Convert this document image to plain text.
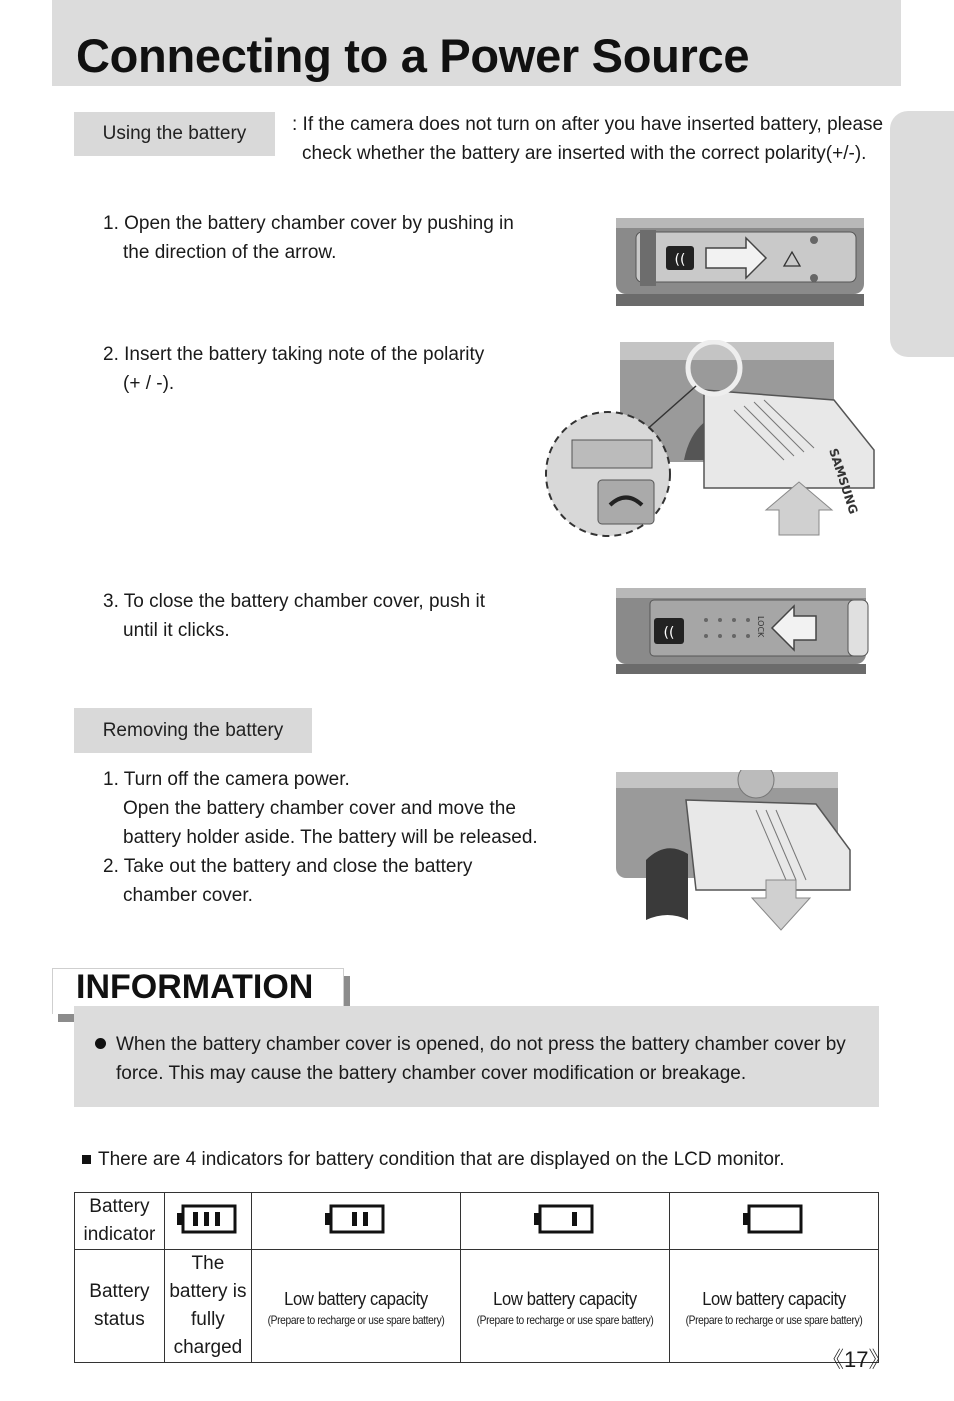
Connecting to a Power Source
Using the battery : If the camera does not turn on after you have inserted battery, please
check whether the battery are inserted with the correct polarity(+/-).
1. Open the battery chamber cover by pushing in
the direction of the arrow.	((
2. Insert the battery taking note of the polarity
(+ / -).
SAMSUNG
3. To close the battery chamber cover, push it
until it clicks.	((	LOCK
Removing the battery
1. Turn off the camera power.
Open the battery chamber cover and move the
battery holder aside. The battery will be released.
2. Take out the battery and close the battery
chamber cover.
INFORMATION
When the battery chamber cover is opened, do not press the battery chamber cover by
force. This may cause the battery chamber cover modification or breakage.
There are 4 indicators for battery condition that are displayed on the LCD monitor.
Battery indicator

Battery status	The battery is fully
charged	Low battery capacity
(Prepare to recharge or use spare battery)	Low battery capacity
(Prepare to recharge or use spare battery)	Low battery capacity
(Prepare to recharge or use spare battery)
《17》
